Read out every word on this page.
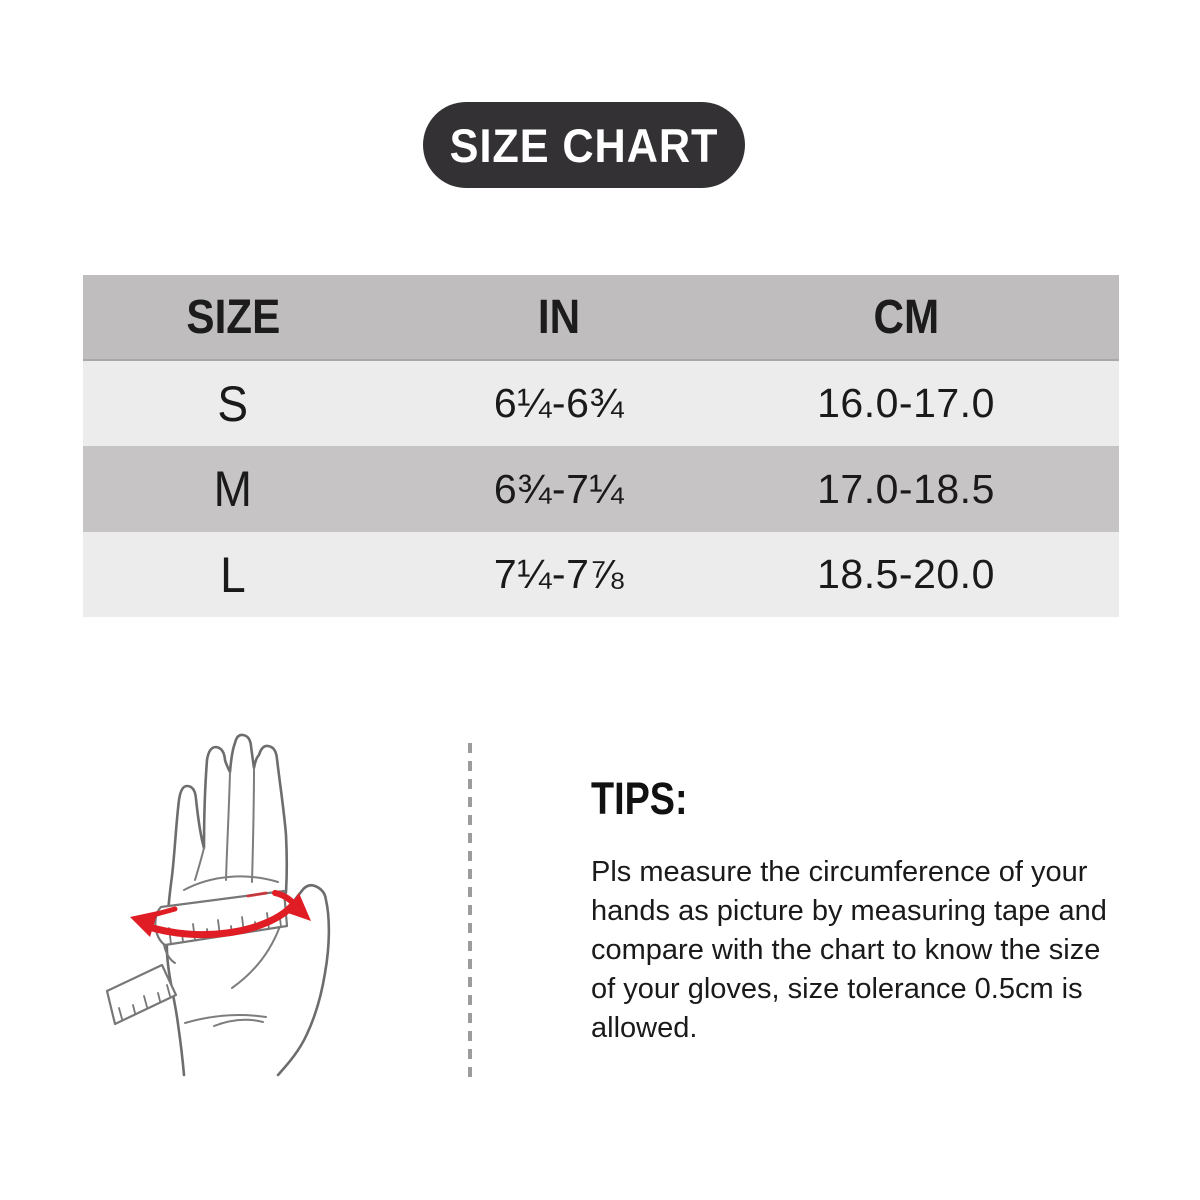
SIZE CHART
SIZE	IN	CM
S	6¼-6¾	16.0-17.0
M	6¾-7¼	17.0-18.5
L	7¼-7⅞	18.5-20.0
TIPS:
Pls measure the circumference of your
hands as picture by measuring tape and
compare with the chart to know the size
of your gloves, size tolerance 0.5cm is
allowed.
